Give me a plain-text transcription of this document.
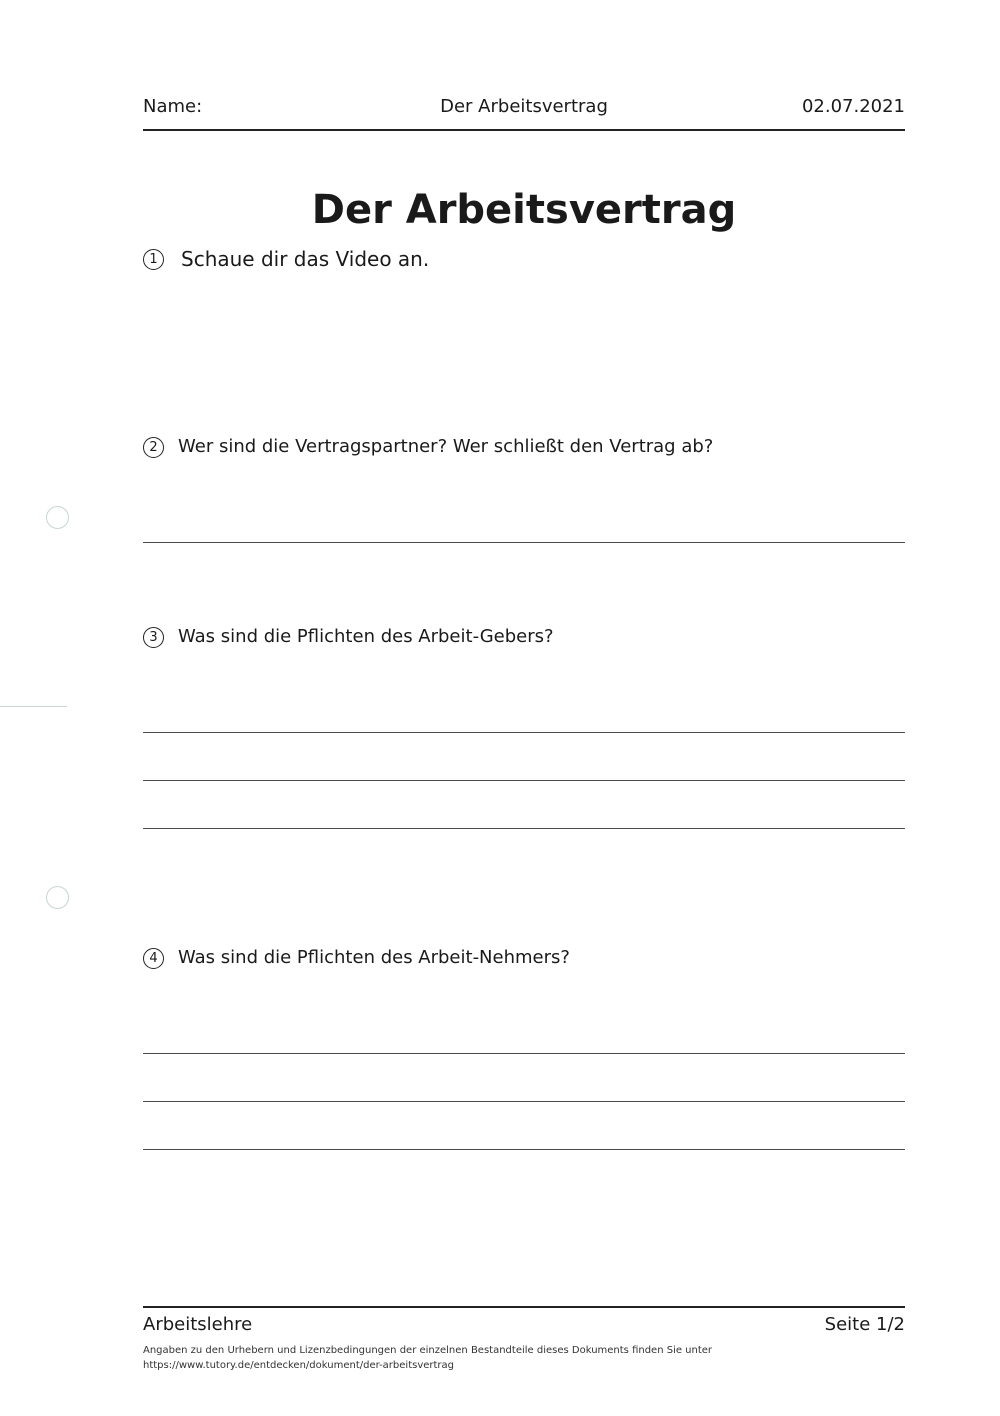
Name:	Der Arbeitsvertrag	02.07.2021
Der Arbeitsvertrag
1	Schaue dir das Video an.
2	Wer sind die Vertragspartner? Wer schließt den Vertrag ab?
3	Was sind die Pflichten des Arbeit-Gebers?
4	Was sind die Pflichten des Arbeit-Nehmers?
Arbeitslehre	Seite 1/2
Angaben zu den Urhebern und Lizenzbedingungen der einzelnen Bestandteile dieses Dokuments finden Sie unter
https://www.tutory.de/entdecken/dokument/der-arbeitsvertrag
